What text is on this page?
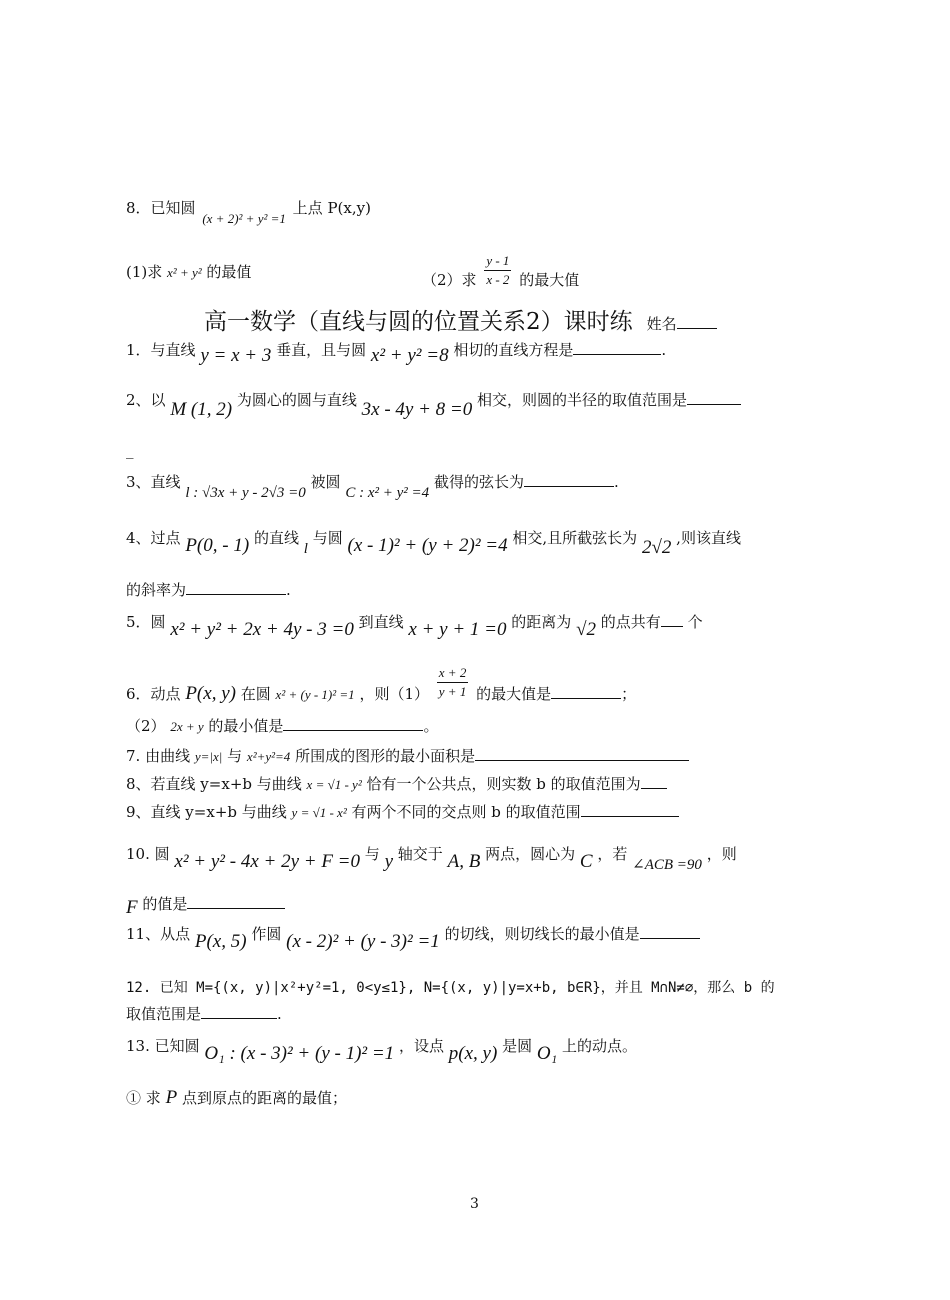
8．已知圆 (x + 2)² + y² =1 上点 P(x,y)
(1)求 x² + y² 的最值	（2）求 $\frac{y - 1}{x - 2}$ 的最大值
高一数学（直线与圆的位置关系2）课时练 姓名
1．与直线 y = x + 3 垂直，且与圆 x² + y² =8 相切的直线方程是	.
2、以 M (1, 2) 为圆心的圆与直线 3x - 4y + 8 =0 相交，则圆的半径的取值范围是
_
3、直线 l : √3x + y - 2√3 =0 被圆 C : x² + y² =4 截得的弦长为	.
4、过点 P(0, - 1) 的直线 l 与圆 (x - 1)² + (y + 2)² =4 相交,且所截弦长为 2√2 ,则该直线
的斜率为	.
5．圆 x² + y² + 2x + 4y - 3 =0 到直线 x + y + 1 =0 的距离为 √2 的点共有 个
6．动点 P(x, y) 在圆 x² + (y - 1)² =1 ，则$(1) \frac{x + 2}{y + 1}$ 的最大值是	；
（2） 2x + y 的最小值是	。
7. 由曲线 y=|x| 与 x²+y²=4 所围成的图形的最小面积是
8、若直线 y=x+b 与曲线 x = √1 - y² 恰有一个公共点，则实数 b 的取值范围为
9、直线 y=x+b 与曲线 y = √1 - x² 有两个不同的交点则 b 的取值范围
10. 圆 x² + y² - 4x + 2y + F =0 与 y 轴交于 A, B 两点，圆心为 C ，若 ∠ACB =90 ，则
F 的值是
11、从点 P(x, 5) 作圆 (x - 2)² + (y - 3)² =1 的切线，则切线长的最小值是
12. 已知 M={(x, y)|x²+y²=1, 0<y≤1}, N={(x, y)|y=x+b, b∈R}，并且 M∩N≠∅，那么 b 的
取值范围是	.
13. 已知圆 O₁ : (x - 3)² + (y - 1)² =1 ，设点 p(x, y) 是圆 O₁ 上的动点。
① 求 P 点到原点的距离的最值；
3
